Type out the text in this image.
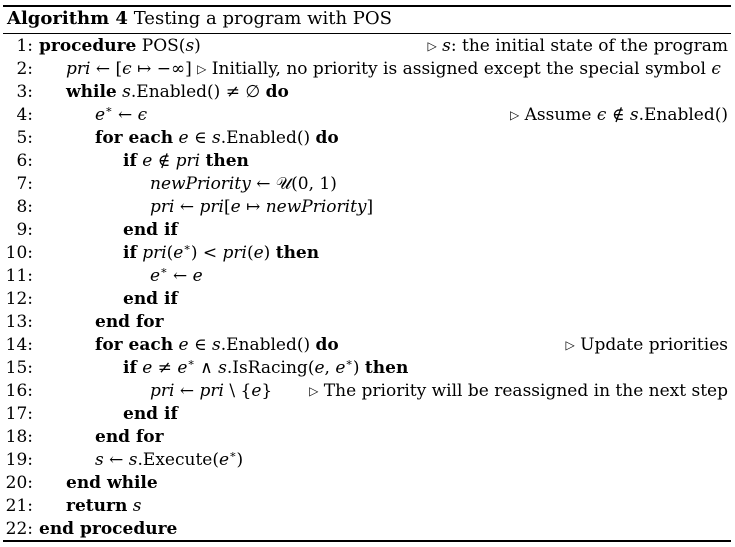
Algorithm 4 Testing a program with POS
1:	▷ s: the initial state of the program
procedure POS(s)
2: pri ← [ϵ ↦ −∞] ▷ Initially, no priority is assigned except the special symbol ϵ
3: while s.Enabled() ≠ ∅ do
4:	▷ Assume ϵ ∉ s.Enabled()
e∗ ← ϵ
5:	for each e ∈ s.Enabled() do
6:	if e ∉ pri then
7:	newPriority ← 𝒰(0, 1)
8:	pri ← pri[e ↦ newPriority]
9:	end if
10:	if pri(e∗) < pri(e) then
11:	e∗ ← e
12:	end if
13:	end for
14:	▷ Update priorities
for each e ∈ s.Enabled() do
15:	if e ≠ e∗ ∧ s.IsRacing(e, e∗) then
16:	▷ The priority will be reassigned in the next step
pri ← pri \ {e}
17:	end if
18:	end for
19:	s ← s.Execute(e∗)
20: end while
21: return s
22: end procedure
